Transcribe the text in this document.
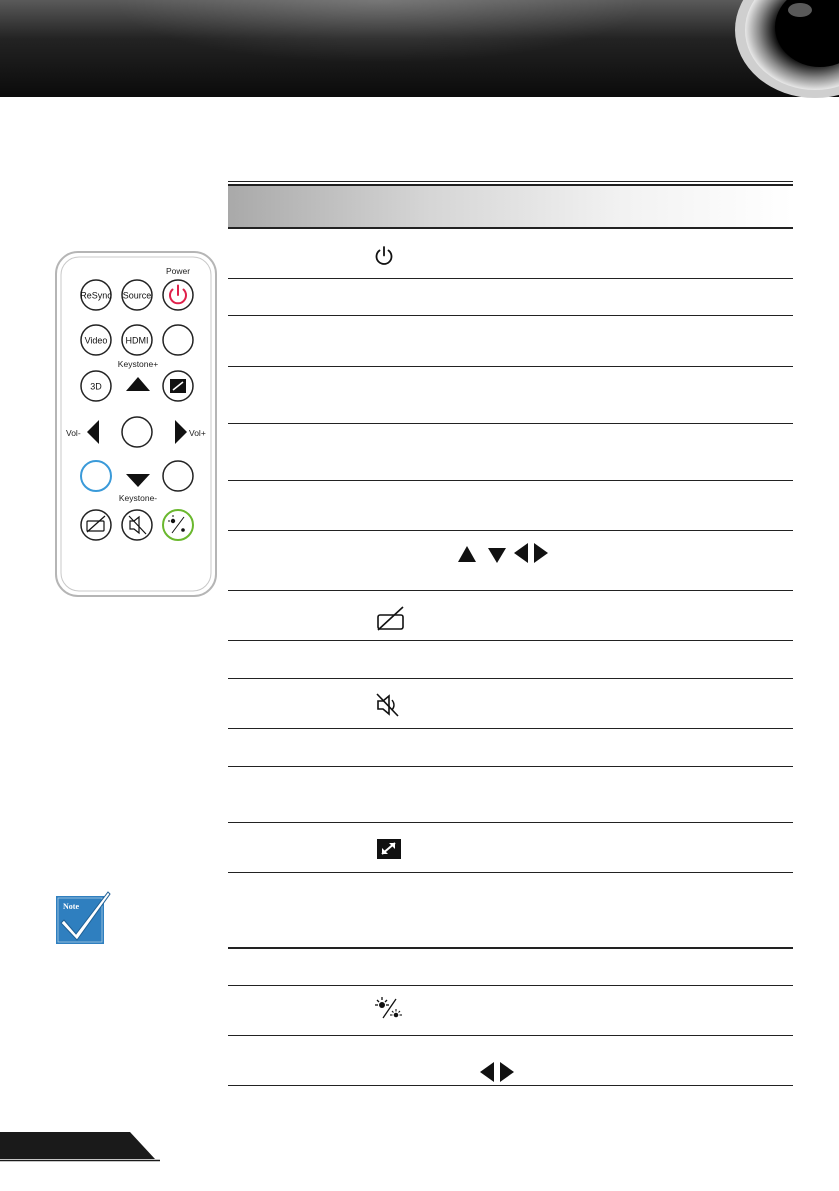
Power
ReSync Source
Video HDMI
Keystone+
3D
Vol-	Vol+
Keystone-
Note
